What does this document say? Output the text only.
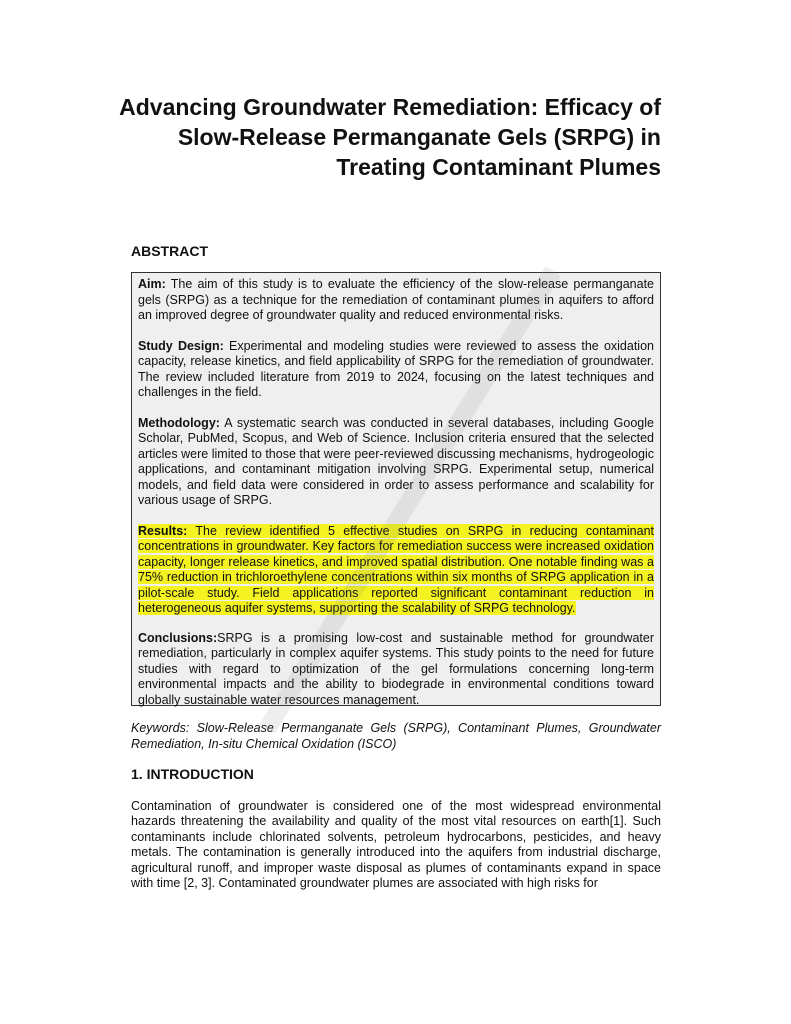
Advancing Groundwater Remediation: Efficacy of Slow-Release Permanganate Gels (SRPG) in Treating Contaminant Plumes
ABSTRACT

Aim: The aim of this study is to evaluate the efficiency of the slow-release permanganate gels (SRPG) as a technique for the remediation of contaminant plumes in aquifers to afford an improved degree of groundwater quality and reduced environmental risks.

Study Design: Experimental and modeling studies were reviewed to assess the oxidation capacity, release kinetics, and field applicability of SRPG for the remediation of groundwater. The review included literature from 2019 to 2024, focusing on the latest techniques and challenges in the field.

Methodology: A systematic search was conducted in several databases, including Google Scholar, PubMed, Scopus, and Web of Science. Inclusion criteria ensured that the selected articles were limited to those that were peer-reviewed discussing mechanisms, hydrogeologic applications, and contaminant mitigation involving SRPG. Experimental setup, numerical models, and field data were considered in order to assess performance and scalability for various usage of SRPG.

Results: The review identified 5 effective studies on SRPG in reducing contaminant concentrations in groundwater. Key factors for remediation success were increased oxidation capacity, longer release kinetics, and improved spatial distribution. One notable finding was a 75% reduction in trichloroethylene concentrations within six months of SRPG application in a pilot-scale study. Field applications reported significant contaminant reduction in heterogeneous aquifer systems, supporting the scalability of SRPG technology.

Conclusions:SRPG is a promising low-cost and sustainable method for groundwater remediation, particularly in complex aquifer systems. This study points to the need for future studies with regard to optimization of the gel formulations concerning long-term environmental impacts and the ability to biodegrade in environmental conditions toward globally sustainable water resources management.

Keywords: Slow-Release Permanganate Gels (SRPG), Contaminant Plumes, Groundwater Remediation, In-situ Chemical Oxidation (ISCO)

1. INTRODUCTION

Contamination of groundwater is considered one of the most widespread environmental hazards threatening the availability and quality of the most vital resources on earth[1]. Such contaminants include chlorinated solvents, petroleum hydrocarbons, pesticides, and heavy metals. The contamination is generally introduced into the aquifers from industrial discharge, agricultural runoff, and improper waste disposal as plumes of contaminants expand in space with time [2, 3]. Contaminated groundwater plumes are associated with high risks for
